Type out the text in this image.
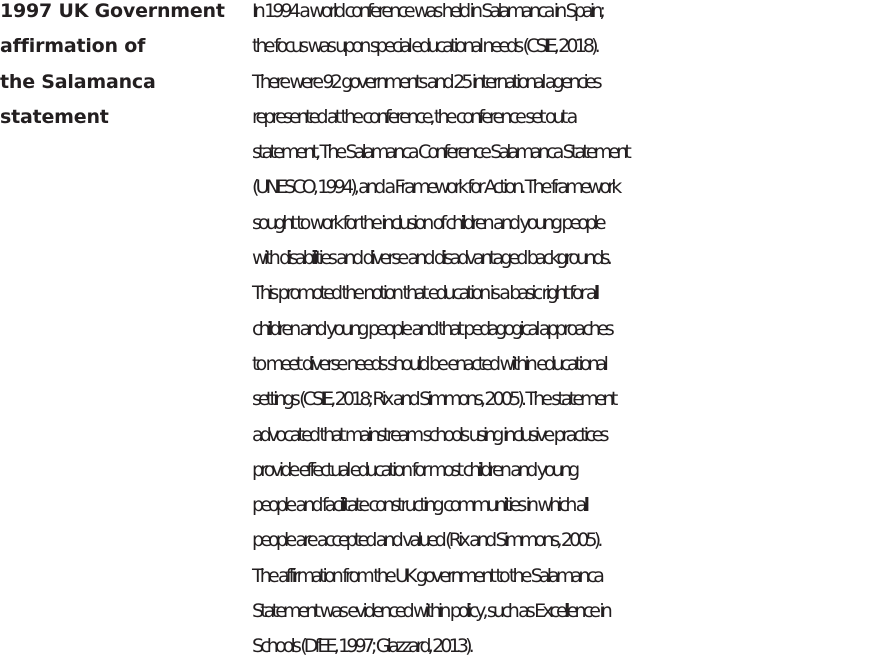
1997 UK Government
affirmation of
the Salamanca
statement
In 1994 a world conference was held in Salamanca in Spain;
the focus was upon special educational needs (CSIE, 2018).
There were 92 governments and 25 international agencies
represented at the conference, the conference set out a
statement, The Salamanca Conference Salamanca Statement
(UNESCO, 1994), and a Framework for Action. The framework
sought to work for the inclusion of children and young people
with disabilities and diverse and disadvantaged backgrounds.
This promoted the notion that education is a basic right for all
children and young people and that pedagogical approaches
to meet diverse needs should be enacted within educational
settings (CSIE, 2018; Rix and Simmons, 2005). The statement
advocated that mainstream schools using inclusive practices
provide effectual education for most children and young
people and facilitate constructing communities in which all
people are accepted and valued (Rix and Simmons, 2005).
The affirmation from the UK government to the Salamanca
Statement was evidenced within policy, such as Excellence in
Schools (DfEE, 1997; Glazzard, 2013).
